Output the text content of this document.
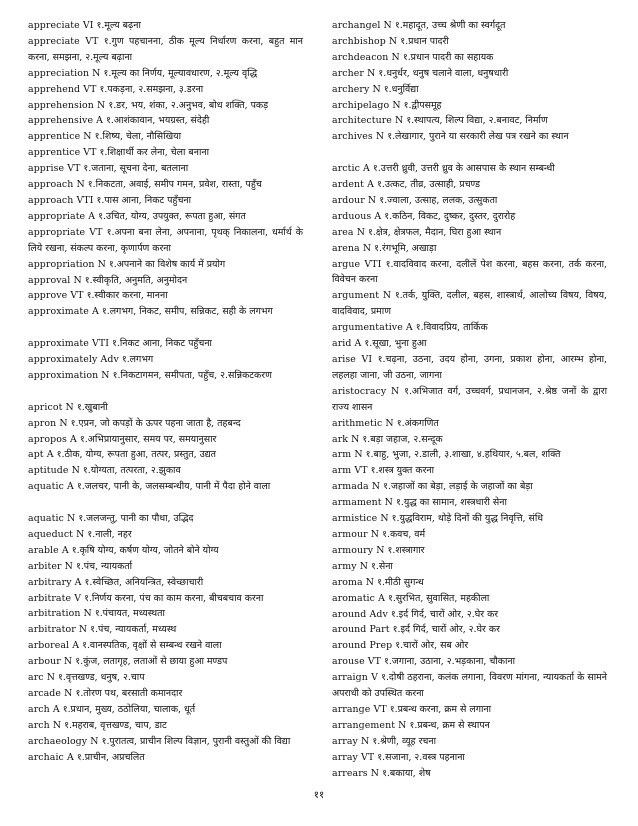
appreciate VI १.मूल्य बढ़ना

appreciate VT १.गुण पहचानना, ठीक मूल्य निर्धारण करना, बहुत मान करना, समझना, २.मूल्य बढ़ाना

appreciation N १.मूल्य का निर्णय, मूल्यावधारण, २.मूल्य वृद्धि

apprehend VT १.पकड़ना, २.समझना, ३.डरना

apprehension N १.डर, भय, शंका, २.अनुभव, बोध शक्ति, पकड़

apprehensive A १.आशंकावान, भयग्रस्त, संदेही

apprentice N १.शिष्य, चेला, नौसिखिया

apprentice VT १.शिक्षार्थी कर लेना, चेला बनाना

apprise VT १.जताना, सूचना देना, बतलाना

approach N १.निकटता, अवाई, समीप गमन, प्रवेश, रास्ता, पहुँच

approach VTI १.पास आना, निकट पहुँचना

appropriate A १.उचित, योग्य, उपयुक्त, रूपता हुआ, संगत

appropriate VT १.अपना बना लेना, अपनाना, पृथक् निकालना, धर्मार्थ के लिये रखना, संकल्प करना, कृणार्पण करना

appropriation N १.अपनाने का विशेष कार्य में प्रयोग

approval N १.स्वीकृति, अनुमति, अनुमोदन

approve VT १.स्वीकार करना, मानना

approximate A १.लगभग, निकट, समीप, सन्निकट, सही के लगभग

approximate VTI १.निकट आना, निकट पहुँचना

approximately Adv १.लगभग

approximation N १.निकटागमन, समीपता, पहुँच, २.सन्निकटकरण

apricot N १.खुबानी

apron N १.एप्रन, जो कपड़ों के ऊपर पहना जाता है, तहबन्द

apropos A १.अभिप्रायानुसार, समय पर, समयानुसार

apt A १.ठीक, योग्य, रूपता हुआ, तत्पर, प्रस्तुत, उद्यत

aptitude N १.योग्यता, तत्परता, २.झुकाव

aquatic A १.जलचर, पानी के, जलसम्बन्धीय, पानी में पैदा होने वाला

aquatic N १.जलजन्तु, पानी का पौधा, उद्भिद

aqueduct N १.नाली, नहर

arable A १.कृषि योग्य, कर्षण योग्य, जोतने बोने योग्य

arbiter N १.पंच, न्यायकर्ता

arbitrary A १.स्वेच्छित, अनियन्त्रित, स्वेच्छाचारी

arbitrate V १.निर्णय करना, पंच का काम करना, बीचबचाव करना

arbitration N १.पंचायत, मध्यस्थता

arbitrator N १.पंच, न्यायकर्ता, मध्यस्थ

arboreal A १.वानस्पतिक, वृक्षों से सम्बन्ध रखने वाला

arbour N १.कुंज, लतागृह, लताओं से छाया हुआ मण्डप

arc N १.वृत्तखण्ड, धनुष, २.चाप

arcade N १.तोरण पथ, बरसाती कमानदार

arch A १.प्रधान, मुख्य, ठठोलिया, चालाक, धूर्त

arch N १.महराब, वृत्तखण्ड, चाप, डाट

archaeology N १.पुरातत्व, प्राचीन शिल्प विज्ञान, पुरानी वस्तुओं की विद्या

archaic A १.प्राचीन, अप्रचलित

archangel N १.महादूत, उच्च श्रेणी का स्वर्गदूत

archbishop N १.प्रधान पादरी

archdeacon N १.प्रधान पादरी का सहायक

archer N १.धनुर्धर, धनुष चलाने वाला, धनुषधारी

archery N १.धनुर्विद्या

archipelago N १.द्वीपसमूह

architecture N १.स्थापत्य, शिल्प विद्या, २.बनावट, निर्माण

archives N १.लेखागार, पुराने या सरकारी लेख पत्र रखने का स्थान

arctic A १.उत्तरी ध्रुवी, उत्तरी ध्रुव के आसपास के स्थान सम्बन्धी

ardent A १.उत्कट, तीव्र, उत्साही, प्रचण्ड

ardour N १.ज्वाला, उत्साह, ललक, उत्सुकता

arduous A १.कठिन, विकट, दुष्कर, दुस्तर, दुरारोह

area N १.क्षेत्र, क्षेत्रफल, मैदान, घिरा हुआ स्थान

arena N १.रंगभूमि, अखाड़ा

argue VTI १.वादविवाद करना, दलीलें पेश करना, बहस करना, तर्क करना, विवेचन करना

argument N १.तर्क, युक्ति, दलील, बहस, शास्त्रार्थ, आलोच्य विषय, विषय, वादविवाद, प्रमाण

argumentative A १.विवादप्रिय, तार्किक

arid A १.सूखा, भुना हुआ

arise VI १.चढ़ना, उठना, उदय होना, उगना, प्रकाश होना, आरम्भ होना, लहलहा जाना, जी उठना, जागना

aristocracy N १.अभिजात वर्ग, उच्चवर्ग, प्रधानजन, २.श्रेष्ठ जनों के द्वारा राज्य शासन

arithmetic N १.अंकगणित

ark N १.बड़ा जहाज, २.सन्दूक

arm N १.बाहु, भुजा, २.डाली, ३.शाखा, ४.हथियार, ५.बल, शक्ति

arm VT १.शस्त्र युक्त करना

armada N १.जहाजों का बेड़ा, लड़ाई के जहाजों का बेड़ा

armament N १.युद्ध का सामान, शस्त्रधारी सेना

armistice N १.युद्धविराम, थोड़े दिनों की युद्ध निवृत्ति, संधि

armour N १.कवच, वर्म

armoury N १.शस्त्रागार

army N १.सेना

aroma N १.मीठी सुगन्ध

aromatic A १.सुरभित, सुवासित, महकीला

around Adv १.इर्द गिर्द, चारों ओर, २.घेर कर

around Part १.इर्द गिर्द, चारों ओर, २.घेर कर

around Prep १.चारों ओर, सब ओर

arouse VT १.जगाना, उठाना, २.भड़काना, चौकाना

arraign V १.दोषी ठहराना, कलंक लगाना, विवरण मांगना, न्यायकर्ता के सामने अपराधी को उपस्थित करना

arrange VT १.प्रबन्ध करना, क्रम से लगाना

arrangement N १.प्रबन्ध, क्रम से स्थापन

array N १.श्रेणी, व्यूह रचना

array VT १.सजाना, २.वस्त्र पहनाना

arrears N १.बकाया, शेष

११
